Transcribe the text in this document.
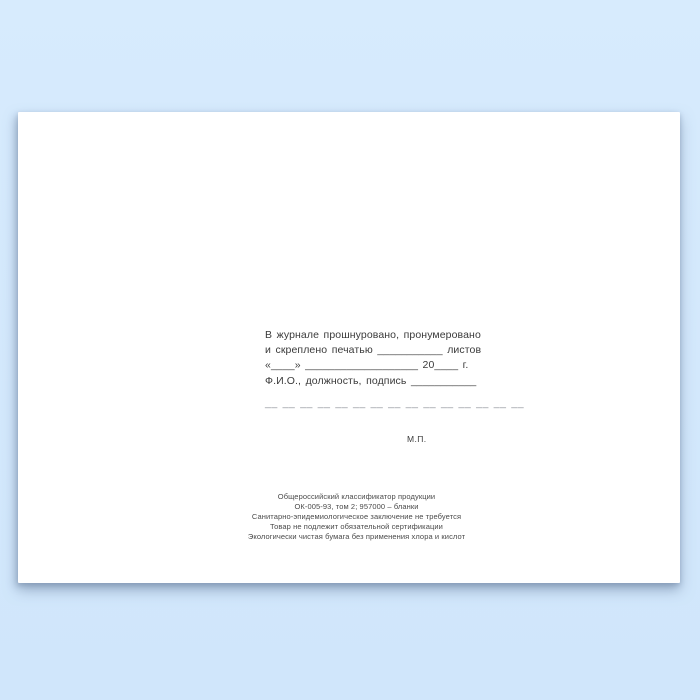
В журнале прошнуровано, пронумеровано
и скреплено печатью ___________ листов
«____» ___________________ 20____ г.
Ф.И.О., должность, подпись ___________
__ __ __ __ __ __ __ __ __ __ __ __ __ __ __
М.П.
Общероссийский классификатор продукции
ОК-005-93, том 2; 957000 – бланки
Санитарно-эпидемиологическое заключение не требуется
Товар не подлежит обязательной сертификации
Экологически чистая бумага без применения хлора и кислот
